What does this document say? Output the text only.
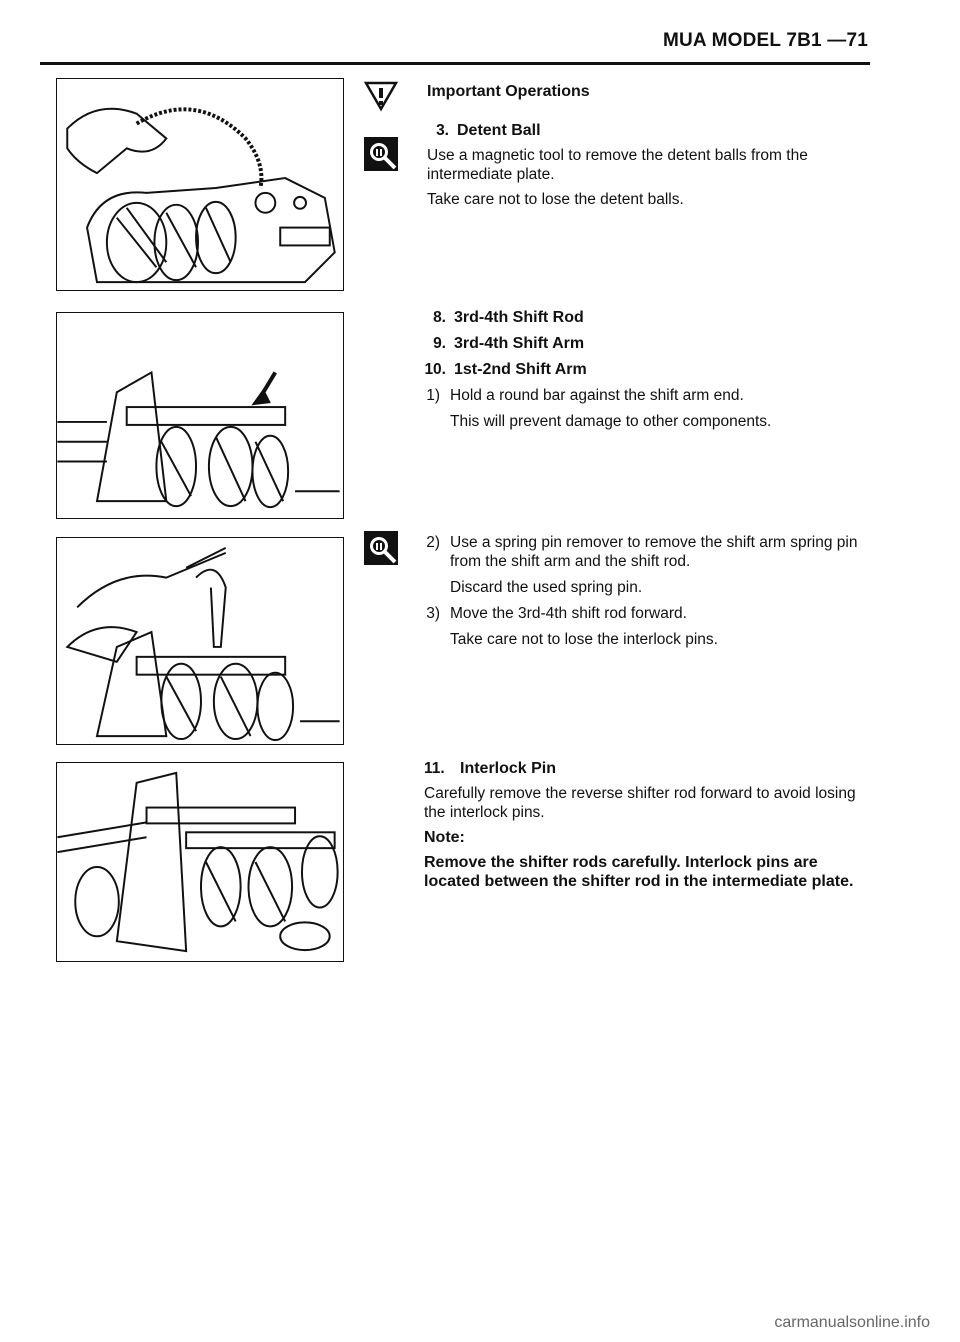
MUA MODEL 7B1 —71

Important Operations

3. Detent Ball

Use a magnetic tool to remove the detent balls from the intermediate plate.

Take care not to lose the detent balls.

8. 3rd-4th Shift Rod
9. 3rd-4th Shift Arm
10. 1st-2nd Shift Arm
1) Hold a round bar against the shift arm end.

This will prevent damage to other components.

2) Use a spring pin remover to remove the shift arm spring pin from the shift arm and the shift rod.

Discard the used spring pin.

3) Move the 3rd-4th shift rod forward.

Take care not to lose the interlock pins.

11. Interlock Pin

Carefully remove the reverse shifter rod forward to avoid losing the interlock pins.

Note:

Remove the shifter rods carefully. Interlock pins are located between the shifter rod in the intermediate plate.

carmanualsonline.info
